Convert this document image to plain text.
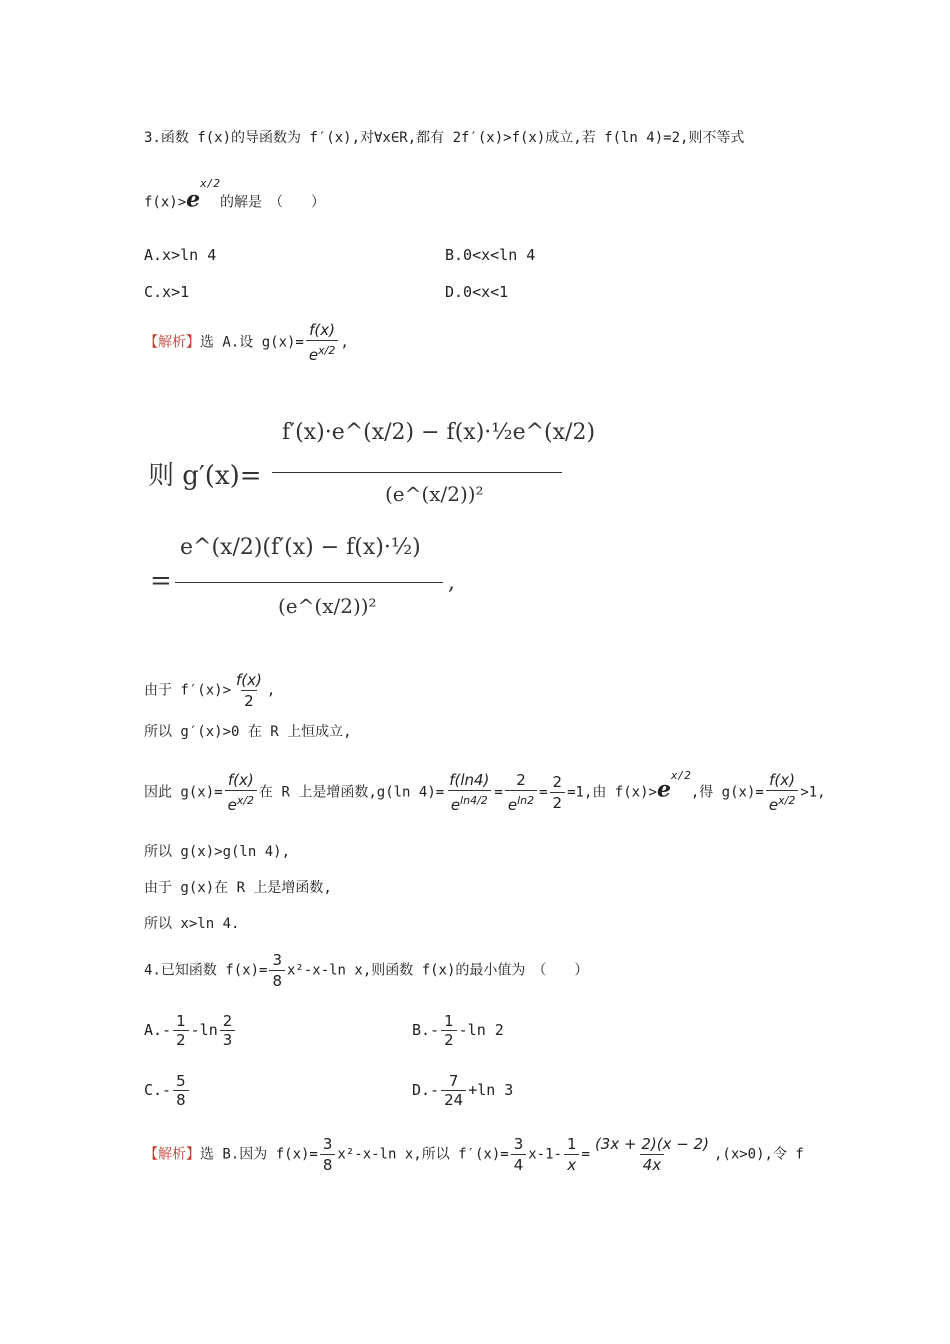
3.函数 f(x)的导函数为 f′(x),对∀x∈R,都有 2f′(x)>f(x)成立,若 f(ln 4)=2,则不等式
$f(x)>e^{x/2}$的解是　（　　）
A.x>ln 4	B.0<x<ln 4
C.x>1	D.0<x<1
【解析】选 A.设 $g(x)= \frac{f(x)}{e^{x/2}}$ ,
则 g′(x)=
f′(x)·e^(x/2) − f(x)·½e^(x/2)
(e^(x/2))²
=
e^(x/2)(f′(x) − f(x)·½)
(e^(x/2))²
,
由于 $f'(x)> \frac{f(x)}{2}$ ,
所以 g′(x)>0 在 R 上恒成立,
因此 $g(x)= \frac{f(x)}{e^{x/2}}$ 在 R 上是增函数,g(ln $4)= \frac{f(\ln 4)}{e^{ln4/2}} = \frac{2}{e^{ln2}} = \frac{2}{2} =1$,由 $f(x)>e^{x/2}$,得 $g(x)= \frac{f(x)}{e^{x/2}} >1$,
所以 g(x)>g(ln 4),
由于 g(x)在 R 上是增函数,
所以 x>ln 4.
4.已知函数 $f(x)= \frac{3}{8} x^2-x-\ln$ x,则函数 f(x)的最小值为　（　　）
$A.- \frac{1}{2} -\ln \frac{2}{3}$	$B.- \frac{1}{2} -\ln$ 2
$C.- \frac{5}{8}$	$D.- \frac{7}{24} +\ln$ 3
【解析】选 B.因为 $f(x)= \frac{3}{8} x^2-x-\ln$ x,所以 $f'(x)= \frac{3}{4} x-1- \frac{1}{x} = \frac{(3x + 2)(x - 2)}{4x} ,(x>0)$,令 f
